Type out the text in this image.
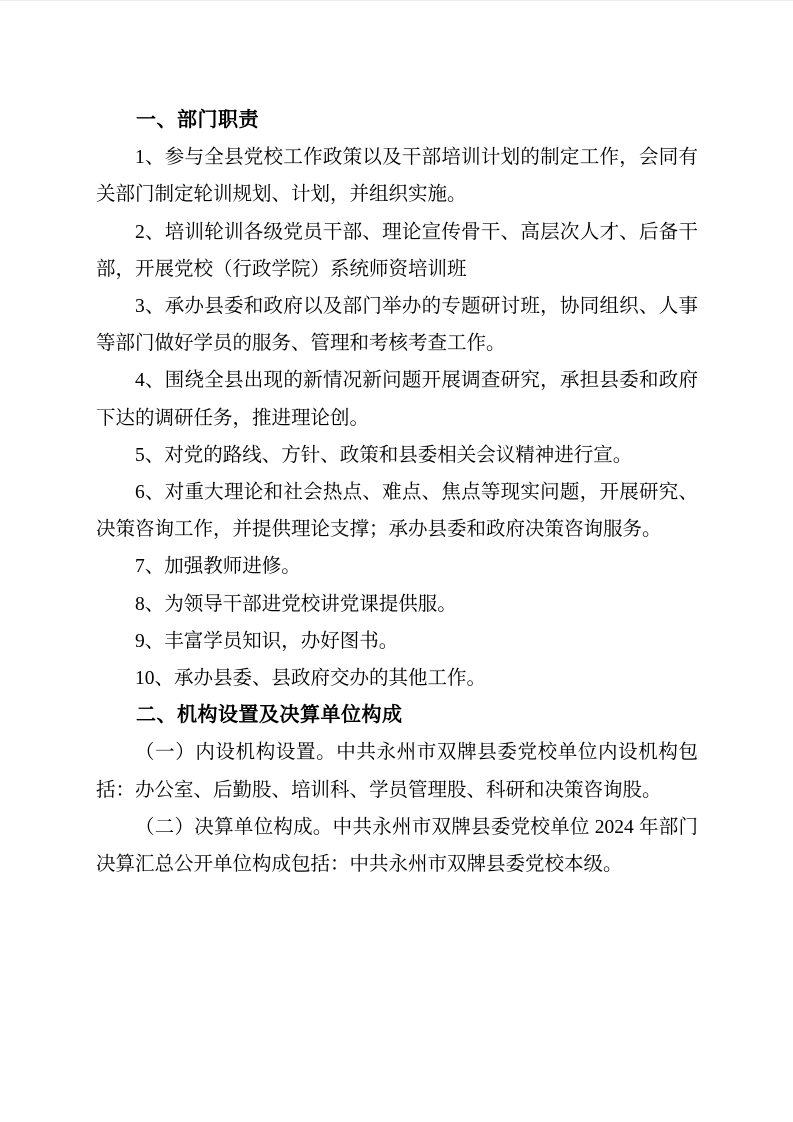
一、部门职责

1、参与全县党校工作政策以及干部培训计划的制定工作，会同有关部门制定轮训规划、计划，并组织实施。

2、培训轮训各级党员干部、理论宣传骨干、高层次人才、后备干部，开展党校（行政学院）系统师资培训班

3、承办县委和政府以及部门举办的专题研讨班，协同组织、人事等部门做好学员的服务、管理和考核考查工作。

4、围绕全县出现的新情况新问题开展调查研究，承担县委和政府下达的调研任务，推进理论创。

5、对党的路线、方针、政策和县委相关会议精神进行宣。

6、对重大理论和社会热点、难点、焦点等现实问题，开展研究、决策咨询工作，并提供理论支撑；承办县委和政府决策咨询服务。

7、加强教师进修。

8、为领导干部进党校讲党课提供服。

9、丰富学员知识，办好图书。

10、承办县委、县政府交办的其他工作。

二、机构设置及决算单位构成

（一）内设机构设置。中共永州市双牌县委党校单位内设机构包括：办公室、后勤股、培训科、学员管理股、科研和决策咨询股。

（二）决算单位构成。中共永州市双牌县委党校单位 2024 年部门决算汇总公开单位构成包括：中共永州市双牌县委党校本级。
